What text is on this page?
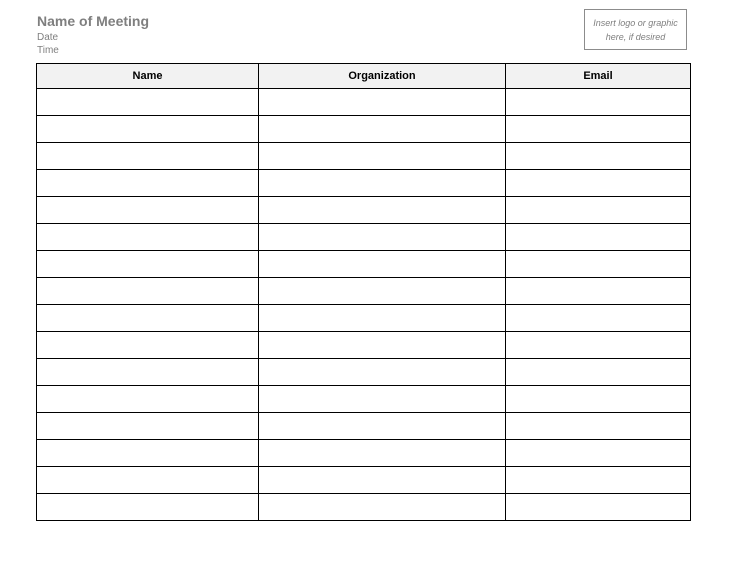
Name of Meeting
Date
Time
Insert logo or graphic
here, if desired
Name	Organization	Email
